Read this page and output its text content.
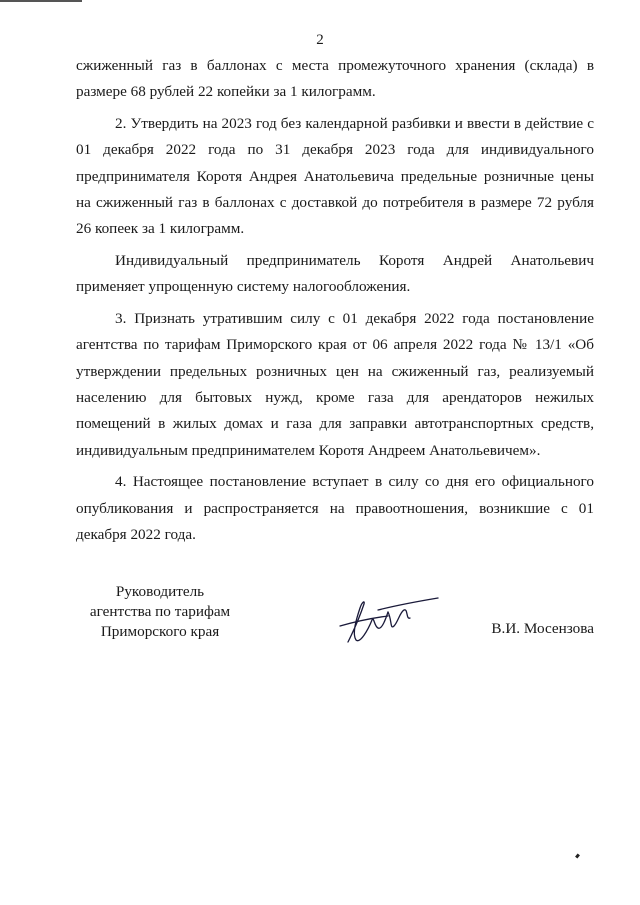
2

сжиженный газ в баллонах с места промежуточного хранения (склада) в размере 68 рублей 22 копейки за 1 килограмм.

2. Утвердить на 2023 год без календарной разбивки и ввести в действие с 01 декабря 2022 года по 31 декабря 2023 года для индивидуального предпринимателя Коротя Андрея Анатольевича предельные розничные цены на сжиженный газ в баллонах с доставкой до потребителя в размере 72 рубля 26 копеек за 1 килограмм.

Индивидуальный предприниматель Коротя Андрей Анатольевич применяет упрощенную систему налогообложения.

3. Признать утратившим силу с 01 декабря 2022 года постановление агентства по тарифам Приморского края от 06 апреля 2022 года № 13/1 «Об утверждении предельных розничных цен на сжиженный газ, реализуемый населению для бытовых нужд, кроме газа для арендаторов нежилых помещений в жилых домах и газа для заправки автотранспортных средств, индивидуальным предпринимателем Коротя Андреем Анатольевичем».

4. Настоящее постановление вступает в силу со дня его официального опубликования и распространяется на правоотношения, возникшие с 01 декабря 2022 года.

Руководитель
агентства по тарифам
Приморского края	В.И. Мосензова
